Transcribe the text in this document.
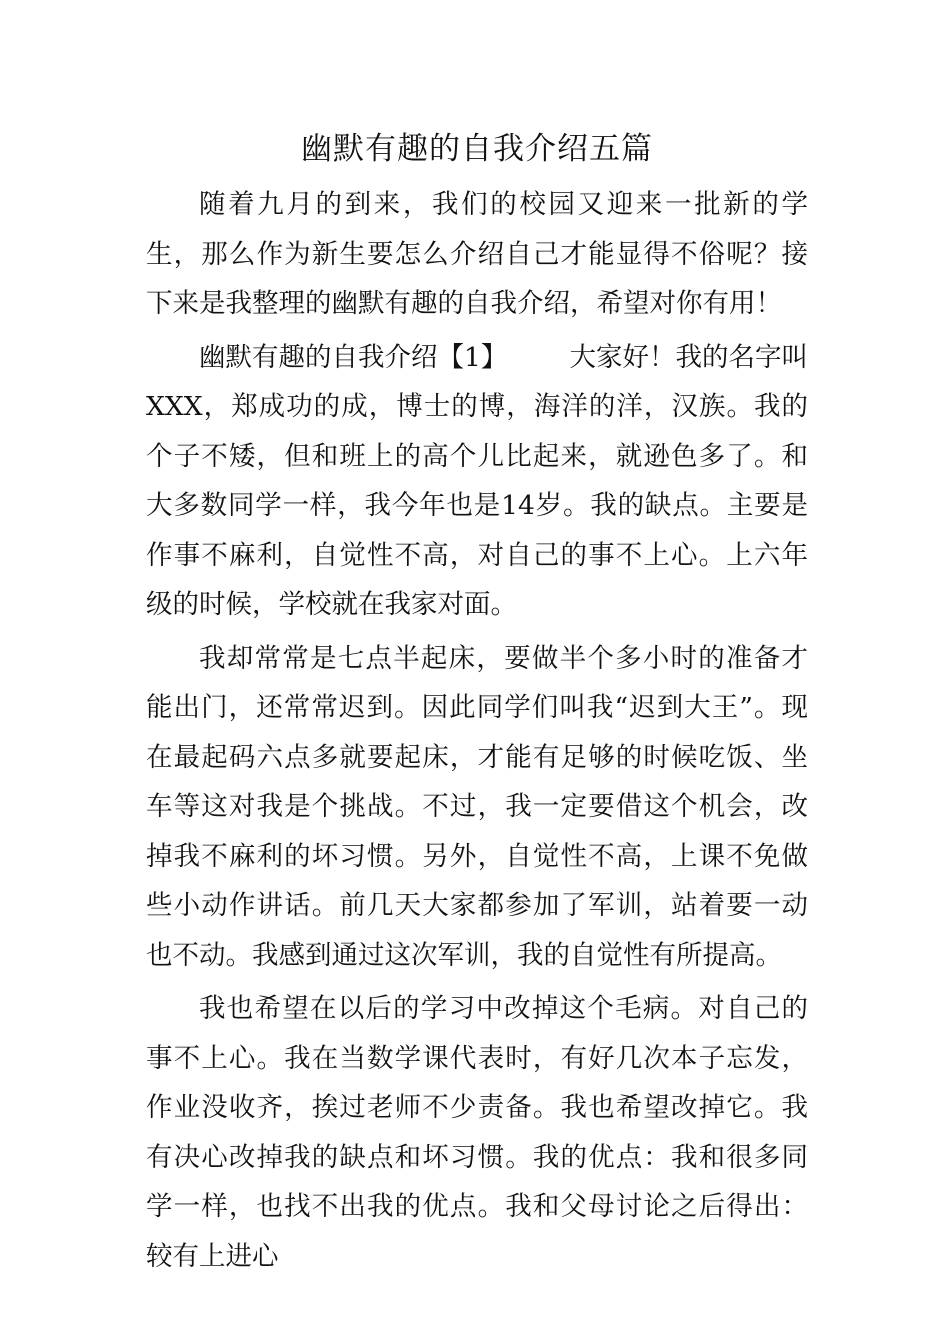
幽默有趣的自我介绍五篇

随着九月的到来，我们的校园又迎来一批新的学生，那么作为新生要怎么介绍自己才能显得不俗呢？接下来是我整理的幽默有趣的自我介绍，希望对你有用！

幽默有趣的自我介绍【1】 大家好！我的名字叫XXX，郑成功的成，博士的博，海洋的洋，汉族。我的个子不矮，但和班上的高个儿比起来，就逊色多了。和大多数同学一样，我今年也是14岁。我的缺点。主要是作事不麻利，自觉性不高，对自己的事不上心。上六年级的时候，学校就在我家对面。

我却常常是七点半起床，要做半个多小时的准备才能出门，还常常迟到。因此同学们叫我“迟到大王”。现在最起码六点多就要起床，才能有足够的时候吃饭、坐车等这对我是个挑战。不过，我一定要借这个机会，改掉我不麻利的坏习惯。另外，自觉性不高，上课不免做些小动作讲话。前几天大家都参加了军训，站着要一动也不动。我感到通过这次军训，我的自觉性有所提高。

我也希望在以后的学习中改掉这个毛病。对自己的事不上心。我在当数学课代表时，有好几次本子忘发，作业没收齐，挨过老师不少责备。我也希望改掉它。我有决心改掉我的缺点和坏习惯。我的优点：我和很多同学一样，也找不出我的优点。我和父母讨论之后得出：较有上进心
